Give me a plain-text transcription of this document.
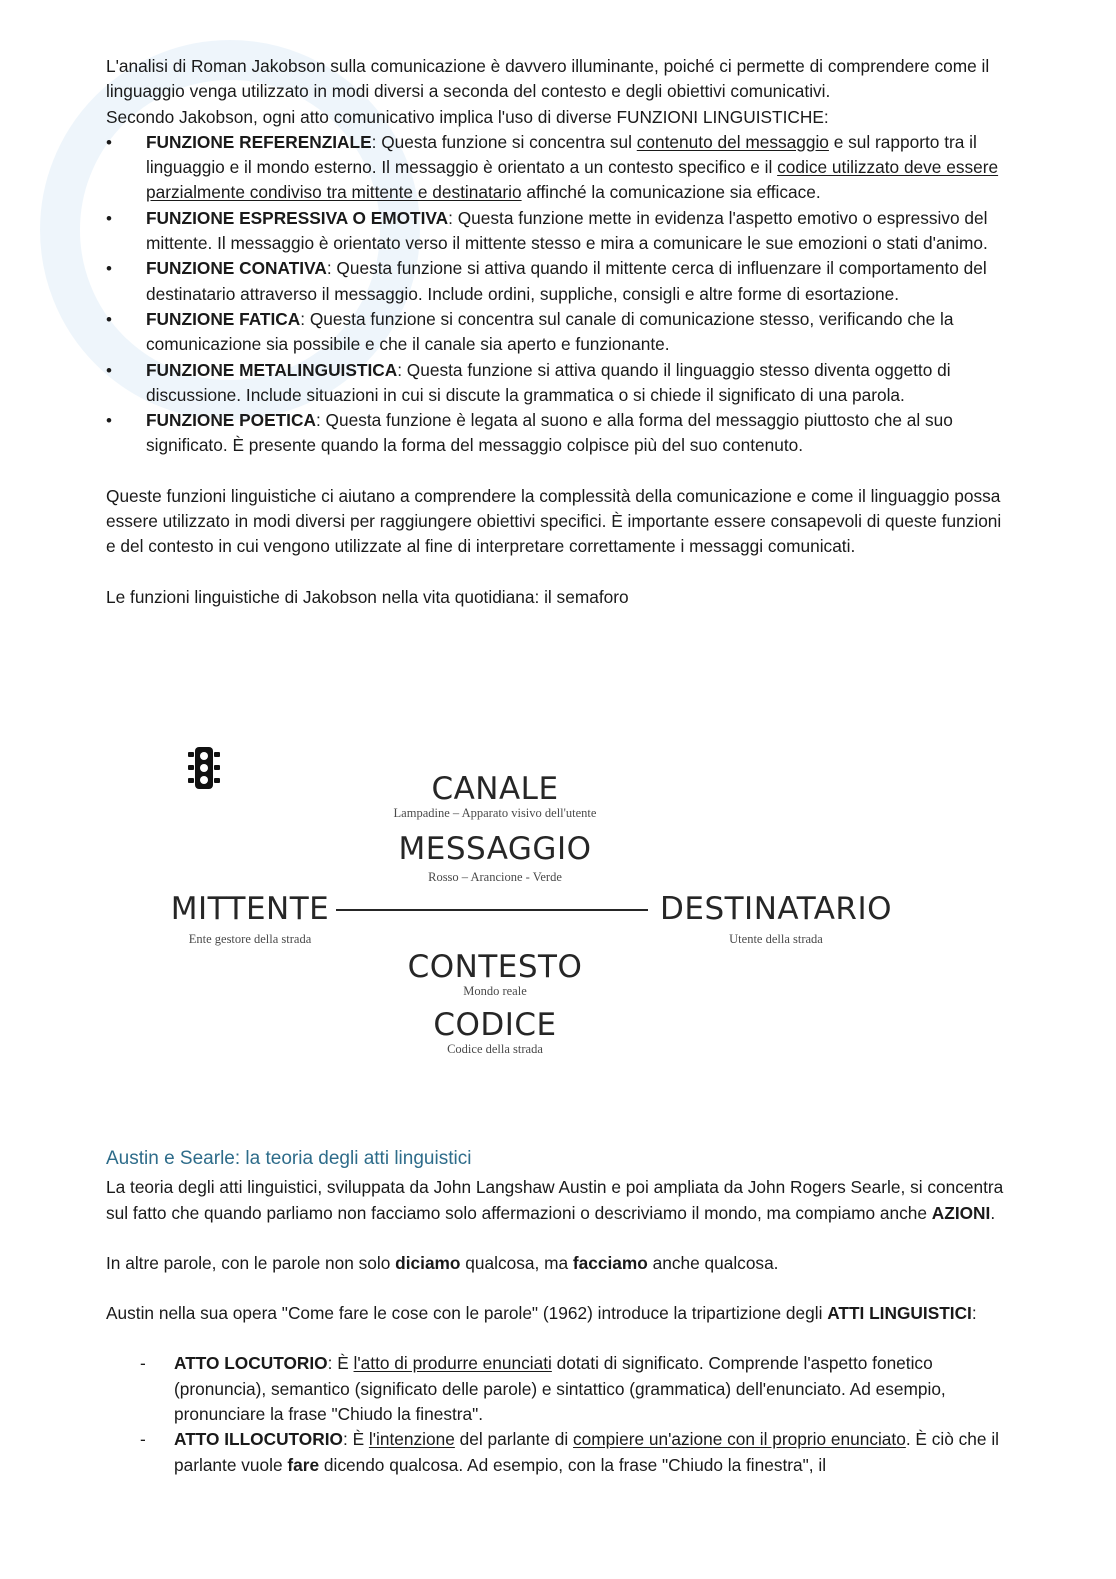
L'analisi di Roman Jakobson sulla comunicazione è davvero illuminante, poiché ci permette di comprendere come il linguaggio venga utilizzato in modi diversi a seconda del contesto e degli obiettivi comunicativi.

Secondo Jakobson, ogni atto comunicativo implica l'uso di diverse FUNZIONI LINGUISTICHE:

• FUNZIONE REFERENZIALE: Questa funzione si concentra sul contenuto del messaggio e sul rapporto tra il linguaggio e il mondo esterno. Il messaggio è orientato a un contesto specifico e il codice utilizzato deve essere parzialmente condiviso tra mittente e destinatario affinché la comunicazione sia efficace.
• FUNZIONE ESPRESSIVA O EMOTIVA: Questa funzione mette in evidenza l'aspetto emotivo o espressivo del mittente. Il messaggio è orientato verso il mittente stesso e mira a comunicare le sue emozioni o stati d'animo.
• FUNZIONE CONATIVA: Questa funzione si attiva quando il mittente cerca di influenzare il comportamento del destinatario attraverso il messaggio. Include ordini, suppliche, consigli e altre forme di esortazione.
• FUNZIONE FATICA: Questa funzione si concentra sul canale di comunicazione stesso, verificando che la comunicazione sia possibile e che il canale sia aperto e funzionante.
• FUNZIONE METALINGUISTICA: Questa funzione si attiva quando il linguaggio stesso diventa oggetto di discussione. Include situazioni in cui si discute la grammatica o si chiede il significato di una parola.
• FUNZIONE POETICA: Questa funzione è legata al suono e alla forma del messaggio piuttosto che al suo significato. È presente quando la forma del messaggio colpisce più del suo contenuto.

Queste funzioni linguistiche ci aiutano a comprendere la complessità della comunicazione e come il linguaggio possa essere utilizzato in modi diversi per raggiungere obiettivi specifici. È importante essere consapevoli di queste funzioni e del contesto in cui vengono utilizzate al fine di interpretare correttamente i messaggi comunicati.

Le funzioni linguistiche di Jakobson nella vita quotidiana: il semaforo

CANALE
Lampadine – Apparato visivo dell'utente
MESSAGGIO
Rosso – Arancione - Verde
MITTENTE
Ente gestore della strada
DESTINATARIO
Utente della strada
CONTESTO
Mondo reale
CODICE
Codice della strada
Austin e Searle: la teoria degli atti linguistici

La teoria degli atti linguistici, sviluppata da John Langshaw Austin e poi ampliata da John Rogers Searle, si concentra sul fatto che quando parliamo non facciamo solo affermazioni o descriviamo il mondo, ma compiamo anche AZIONI.

In altre parole, con le parole non solo diciamo qualcosa, ma facciamo anche qualcosa.

Austin nella sua opera "Come fare le cose con le parole" (1962) introduce la tripartizione degli ATTI LINGUISTICI:

- ATTO LOCUTORIO: È l'atto di produrre enunciati dotati di significato. Comprende l'aspetto fonetico (pronuncia), semantico (significato delle parole) e sintattico (grammatica) dell'enunciato. Ad esempio, pronunciare la frase "Chiudo la finestra".
- ATTO ILLOCUTORIO: È l'intenzione del parlante di compiere un'azione con il proprio enunciato. È ciò che il parlante vuole fare dicendo qualcosa. Ad esempio, con la frase "Chiudo la finestra", il
